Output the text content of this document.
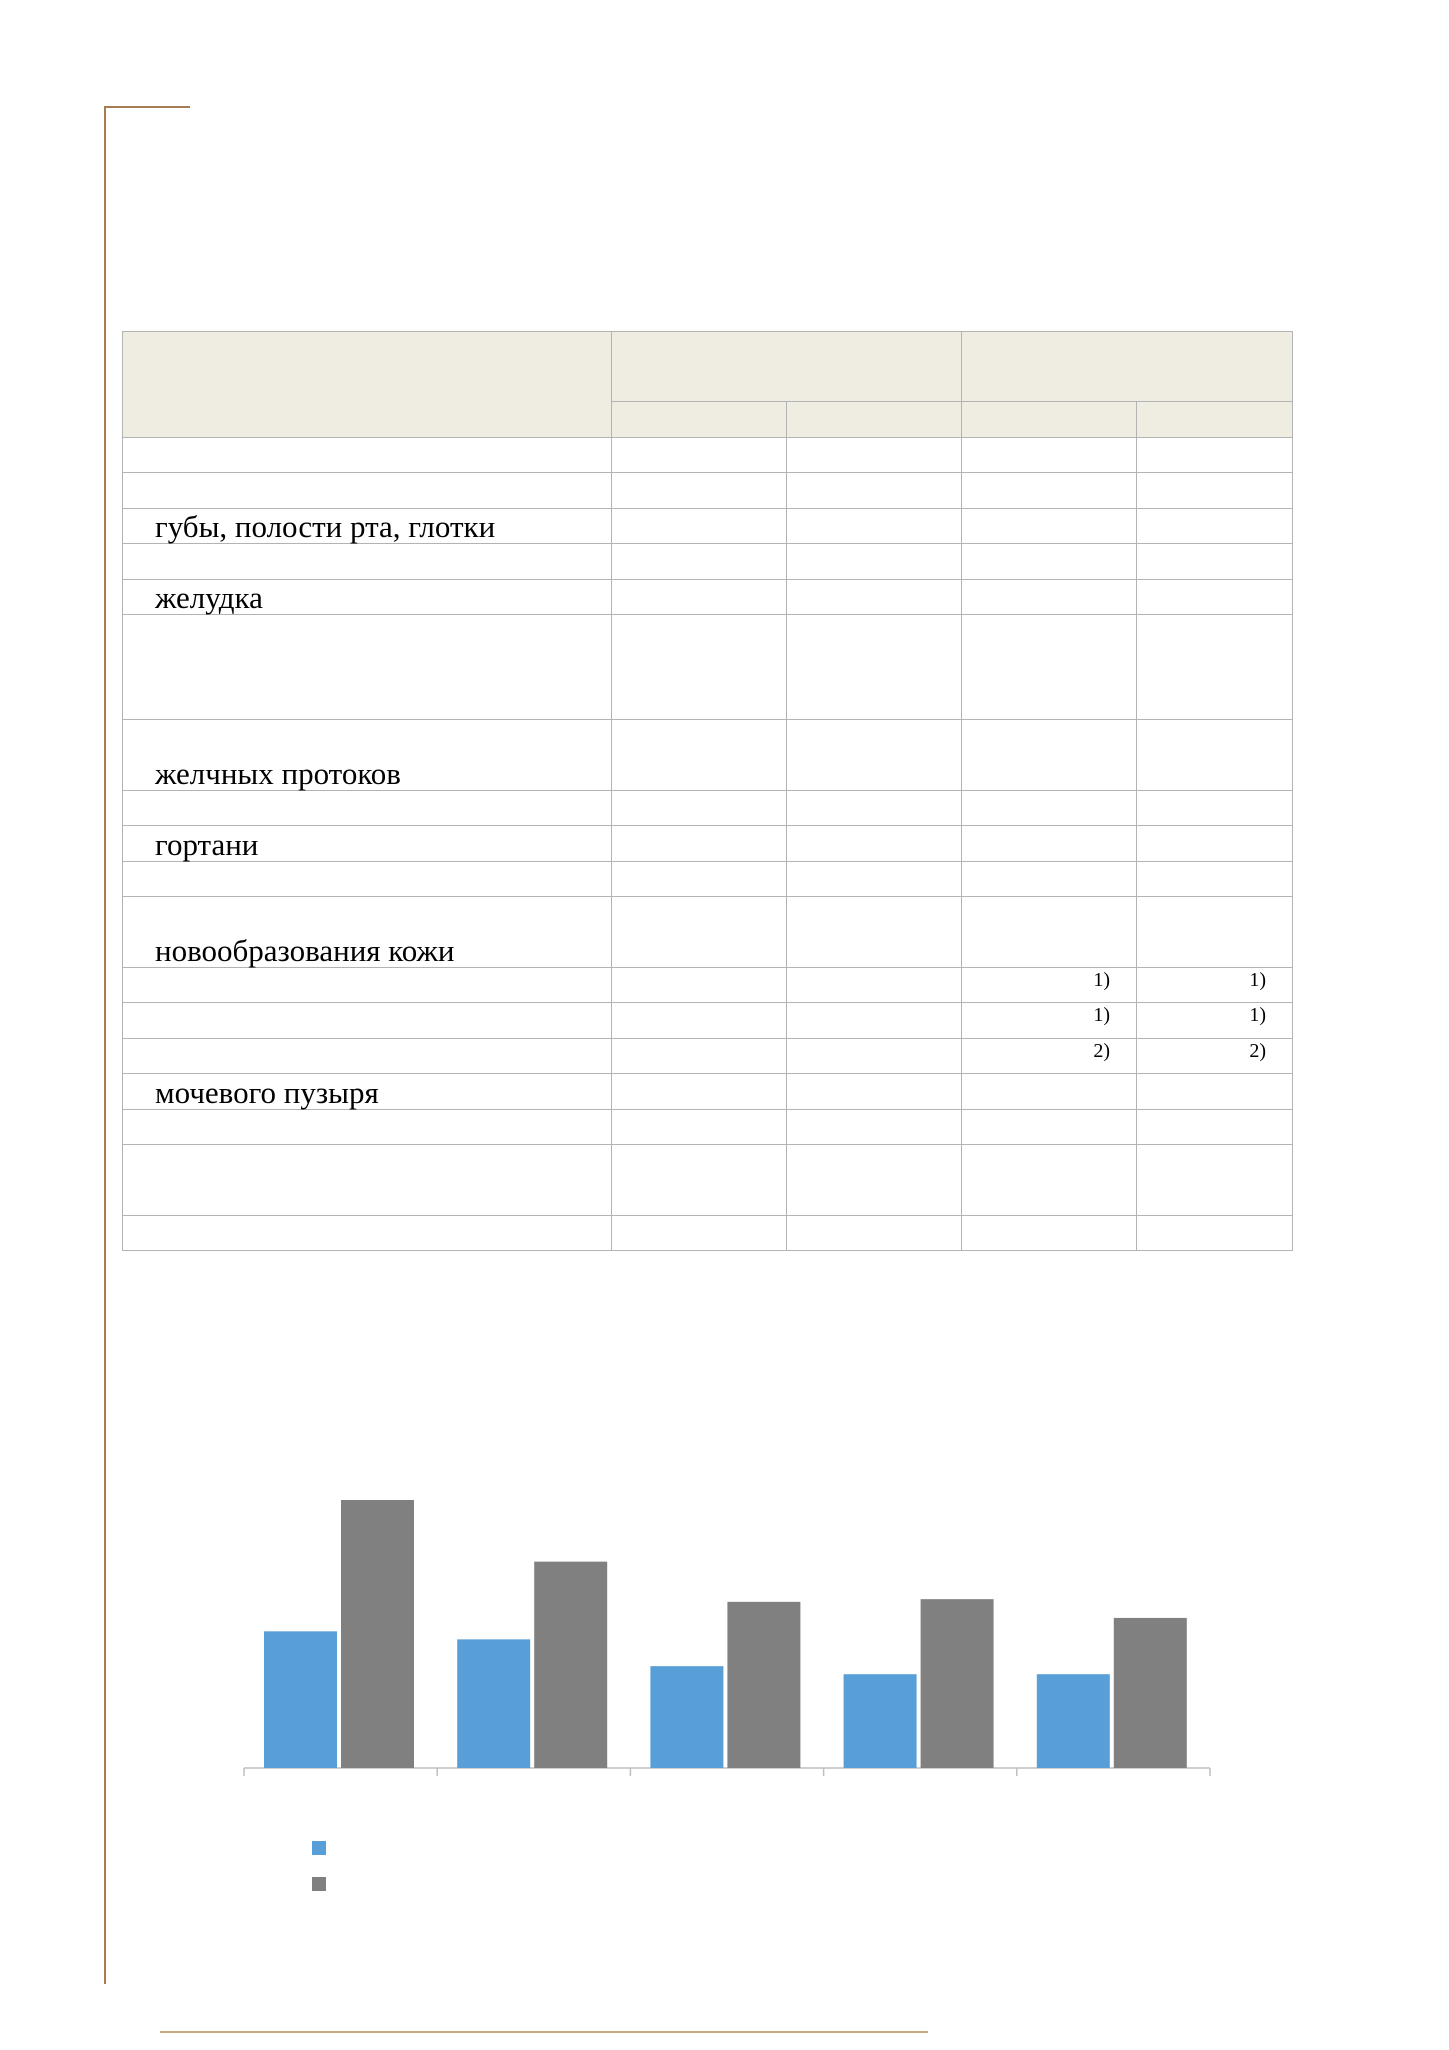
губы, полости рта, глотки				

желудка				

желчных протоков				

гортани				

новообразования кожи				

			1)	1)

			1)	1)

			2)	2)

мочевого пузыря				
